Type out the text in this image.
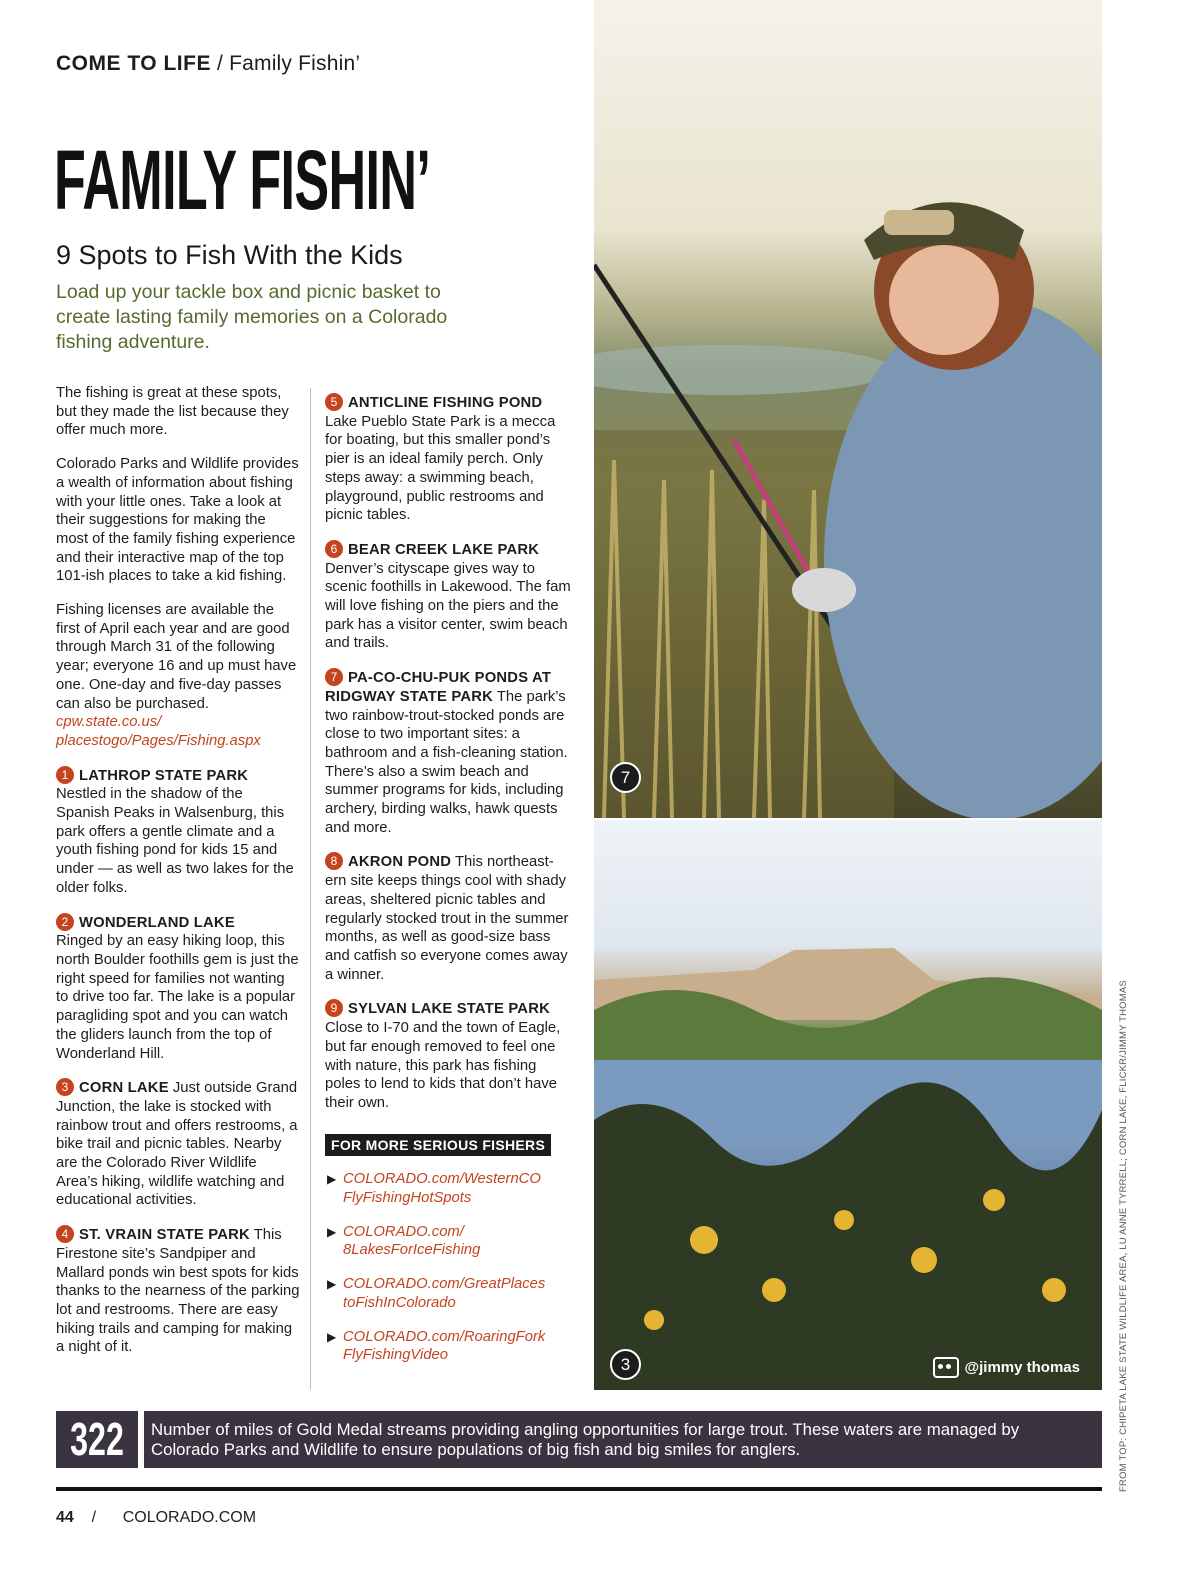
COME TO LIFE / Family Fishin’
FAMILY FISHIN’
9 Spots to Fish With the Kids
Load up your tackle box and picnic basket to create lasting family memories on a Colorado fishing adventure.

The fishing is great at these spots, but they made the list because they offer much more.

Colorado Parks and Wildlife provides a wealth of information about fishing with your little ones. Take a look at their suggestions for making the most of the family fishing experience and their interactive map of the top 101-ish places to take a kid fishing.

Fishing licenses are available the first of April each year and are good through March 31 of the following year; everyone 16 and up must have one. One-day and five-day passes can also be purchased. cpw.state.co.us/ placestogo/Pages/Fishing.aspx

1 LATHROP STATE PARK Nestled in the shadow of the Spanish Peaks in Walsenburg, this park offers a gentle climate and a youth fishing pond for kids 15 and under — as well as two lakes for the older folks.

2 WONDERLAND LAKE
Ringed by an easy hiking loop, this north Boulder foothills gem is just the right speed for families not wanting to drive too far. The lake is a popular paragliding spot and you can watch the gliders launch from the top of Wonderland Hill.

3 CORN LAKE Just outside Grand Junction, the lake is stocked with rainbow trout and offers restrooms, a bike trail and picnic tables. Nearby are the Colorado River Wildlife Area’s hiking, wildlife watching and educational activities.

4 ST. VRAIN STATE PARK This Firestone site’s Sandpiper and Mallard ponds win best spots for kids thanks to the nearness of the parking lot and restrooms. There are easy hiking trails and camping for making a night of it.

5 ANTICLINE FISHING POND
Lake Pueblo State Park is a mecca for boating, but this smaller pond’s pier is an ideal family perch. Only steps away: a swimming beach, playground, public restrooms and picnic tables.

6 BEAR CREEK LAKE PARK
Denver’s cityscape gives way to scenic foothills in Lakewood. The fam will love fishing on the piers and the park has a visitor center, swim beach and trails.

7 PA-CO-CHU-PUK PONDS AT RIDGWAY STATE PARK The park’s two rainbow-trout-stocked ponds are close to two important sites: a bathroom and a fish-cleaning station. There’s also a swim beach and summer programs for kids, including archery, birding walks, hawk quests and more.

8 AKRON POND This northeast-ern site keeps things cool with shady areas, sheltered picnic tables and regularly stocked trout in the summer months, as well as good-size bass and catfish so everyone comes away a winner.

9 SYLVAN LAKE STATE PARK
Close to I-70 and the town of Eagle, but far enough removed to feel one with nature, this park has fishing poles to lend to kids that don’t have their own.

FOR MORE SERIOUS FISHERS
▶ COLORADO.com/WesternCO FlyFishingHotSpots
▶ COLORADO.com/ 8LakesForIceFishing
▶ COLORADO.com/GreatPlaces toFishInColorado
▶ COLORADO.com/RoaringFork FlyFishingVideo
7
3	@jimmy thomas	FROM TOP: CHIPETA LAKE STATE WILDLIFE AREA, LU ANNE TYRRELL; CORN LAKE, FLICKR/JIMMY THOMAS
322 Number of miles of Gold Medal streams providing angling opportunities for large trout. These waters are managed by Colorado Parks and Wildlife to ensure populations of big fish and big smiles for anglers.
44 / COLORADO.COM
